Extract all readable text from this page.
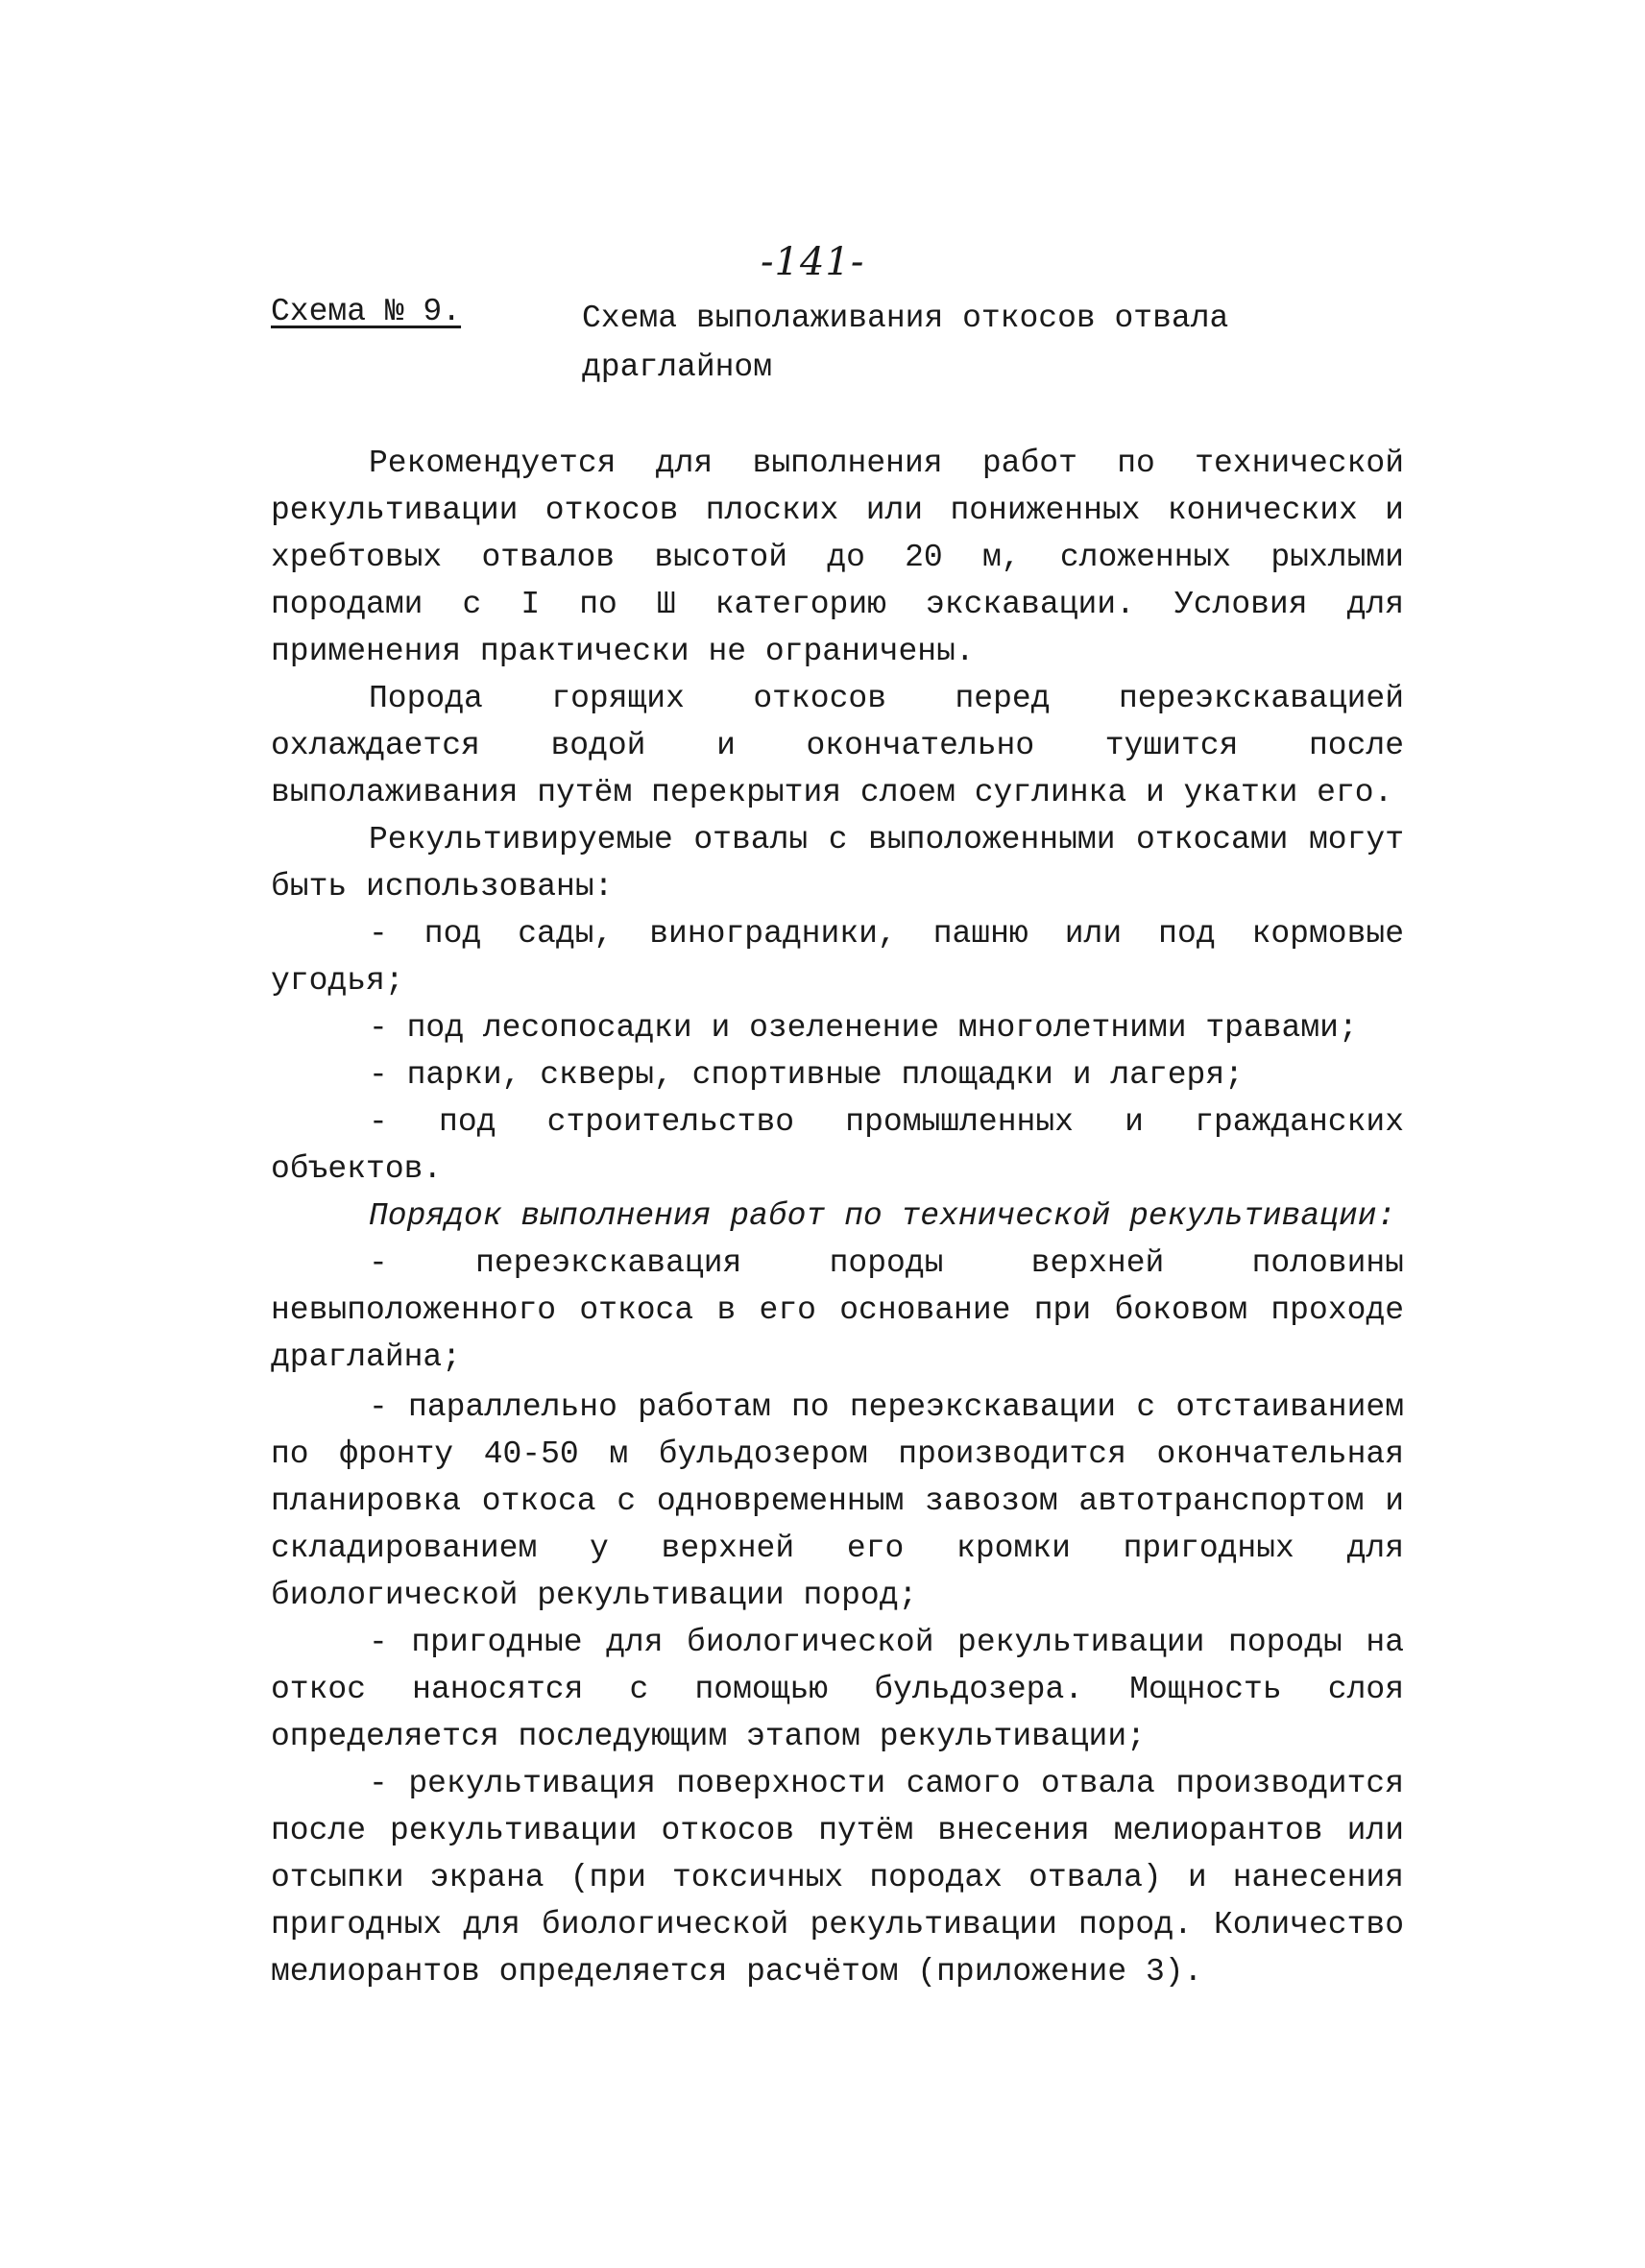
-141-
Схема № 9.	Схема выполаживания откосов отвала драглайном

Рекомендуется для выполнения работ по технической рекультивации откосов плоских или пониженных конических и хребтовых отвалов высотой до 20 м, сложенных рыхлыми породами с I по Ш категорию экскавации. Условия для применения практически не ограничены.

Порода горящих откосов перед переэкскавацией охлаждается водой и окончательно тушится после выполаживания путём перекрытия слоем суглинка и укатки его.

Рекультивируемые отвалы с выположенными откосами могут быть использованы:

- под сады, виноградники, пашню или под кормовые угодья;

- под лесопосадки и озеленение многолетними травами;

- парки, скверы, спортивные площадки и лагеря;

- под строительство промышленных и гражданских объектов.

Порядок выполнения работ по технической рекультивации:

- переэкскавация породы верхней половины невыположенного откоса в его основание при боковом проходе драглайна;

- параллельно работам по переэкскавации с отстаиванием по фронту 40-50 м бульдозером производится окончательная планировка откоса с одновременным завозом автотранспортом и складированием у верхней его кромки пригодных для биологической рекультивации пород;

- пригодные для биологической рекультивации породы на откос наносятся с помощью бульдозера. Мощность слоя определяется последующим этапом рекультивации;

- рекультивация поверхности самого отвала производится после рекультивации откосов путём внесения мелиорантов или отсыпки экрана (при токсичных породах отвала) и нанесения пригодных для биологической рекультивации пород. Количество мелиорантов определяется расчётом (приложение 3).
